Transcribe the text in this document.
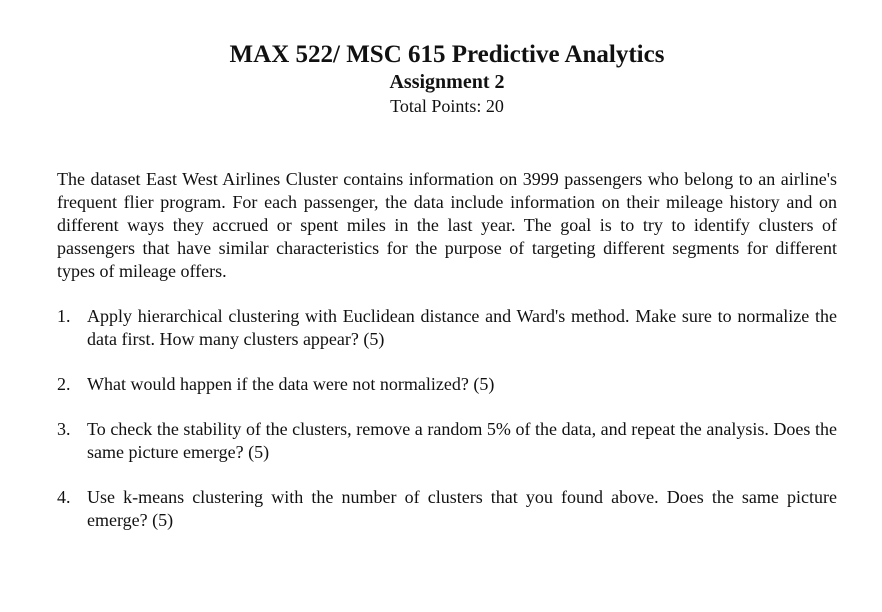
MAX 522/ MSC 615 Predictive Analytics
Assignment 2

Total Points: 20

The dataset East West Airlines Cluster contains information on 3999 passengers who belong to an airline's frequent flier program. For each passenger, the data include information on their mileage history and on different ways they accrued or spent miles in the last year. The goal is to try to identify clusters of passengers that have similar characteristics for the purpose of targeting different segments for different types of mileage offers.

1. Apply hierarchical clustering with Euclidean distance and Ward's method. Make sure to normalize the data first. How many clusters appear? (5)
2. What would happen if the data were not normalized? (5)
3. To check the stability of the clusters, remove a random 5% of the data, and repeat the analysis. Does the same picture emerge? (5)
4. Use k-means clustering with the number of clusters that you found above. Does the same picture emerge? (5)
